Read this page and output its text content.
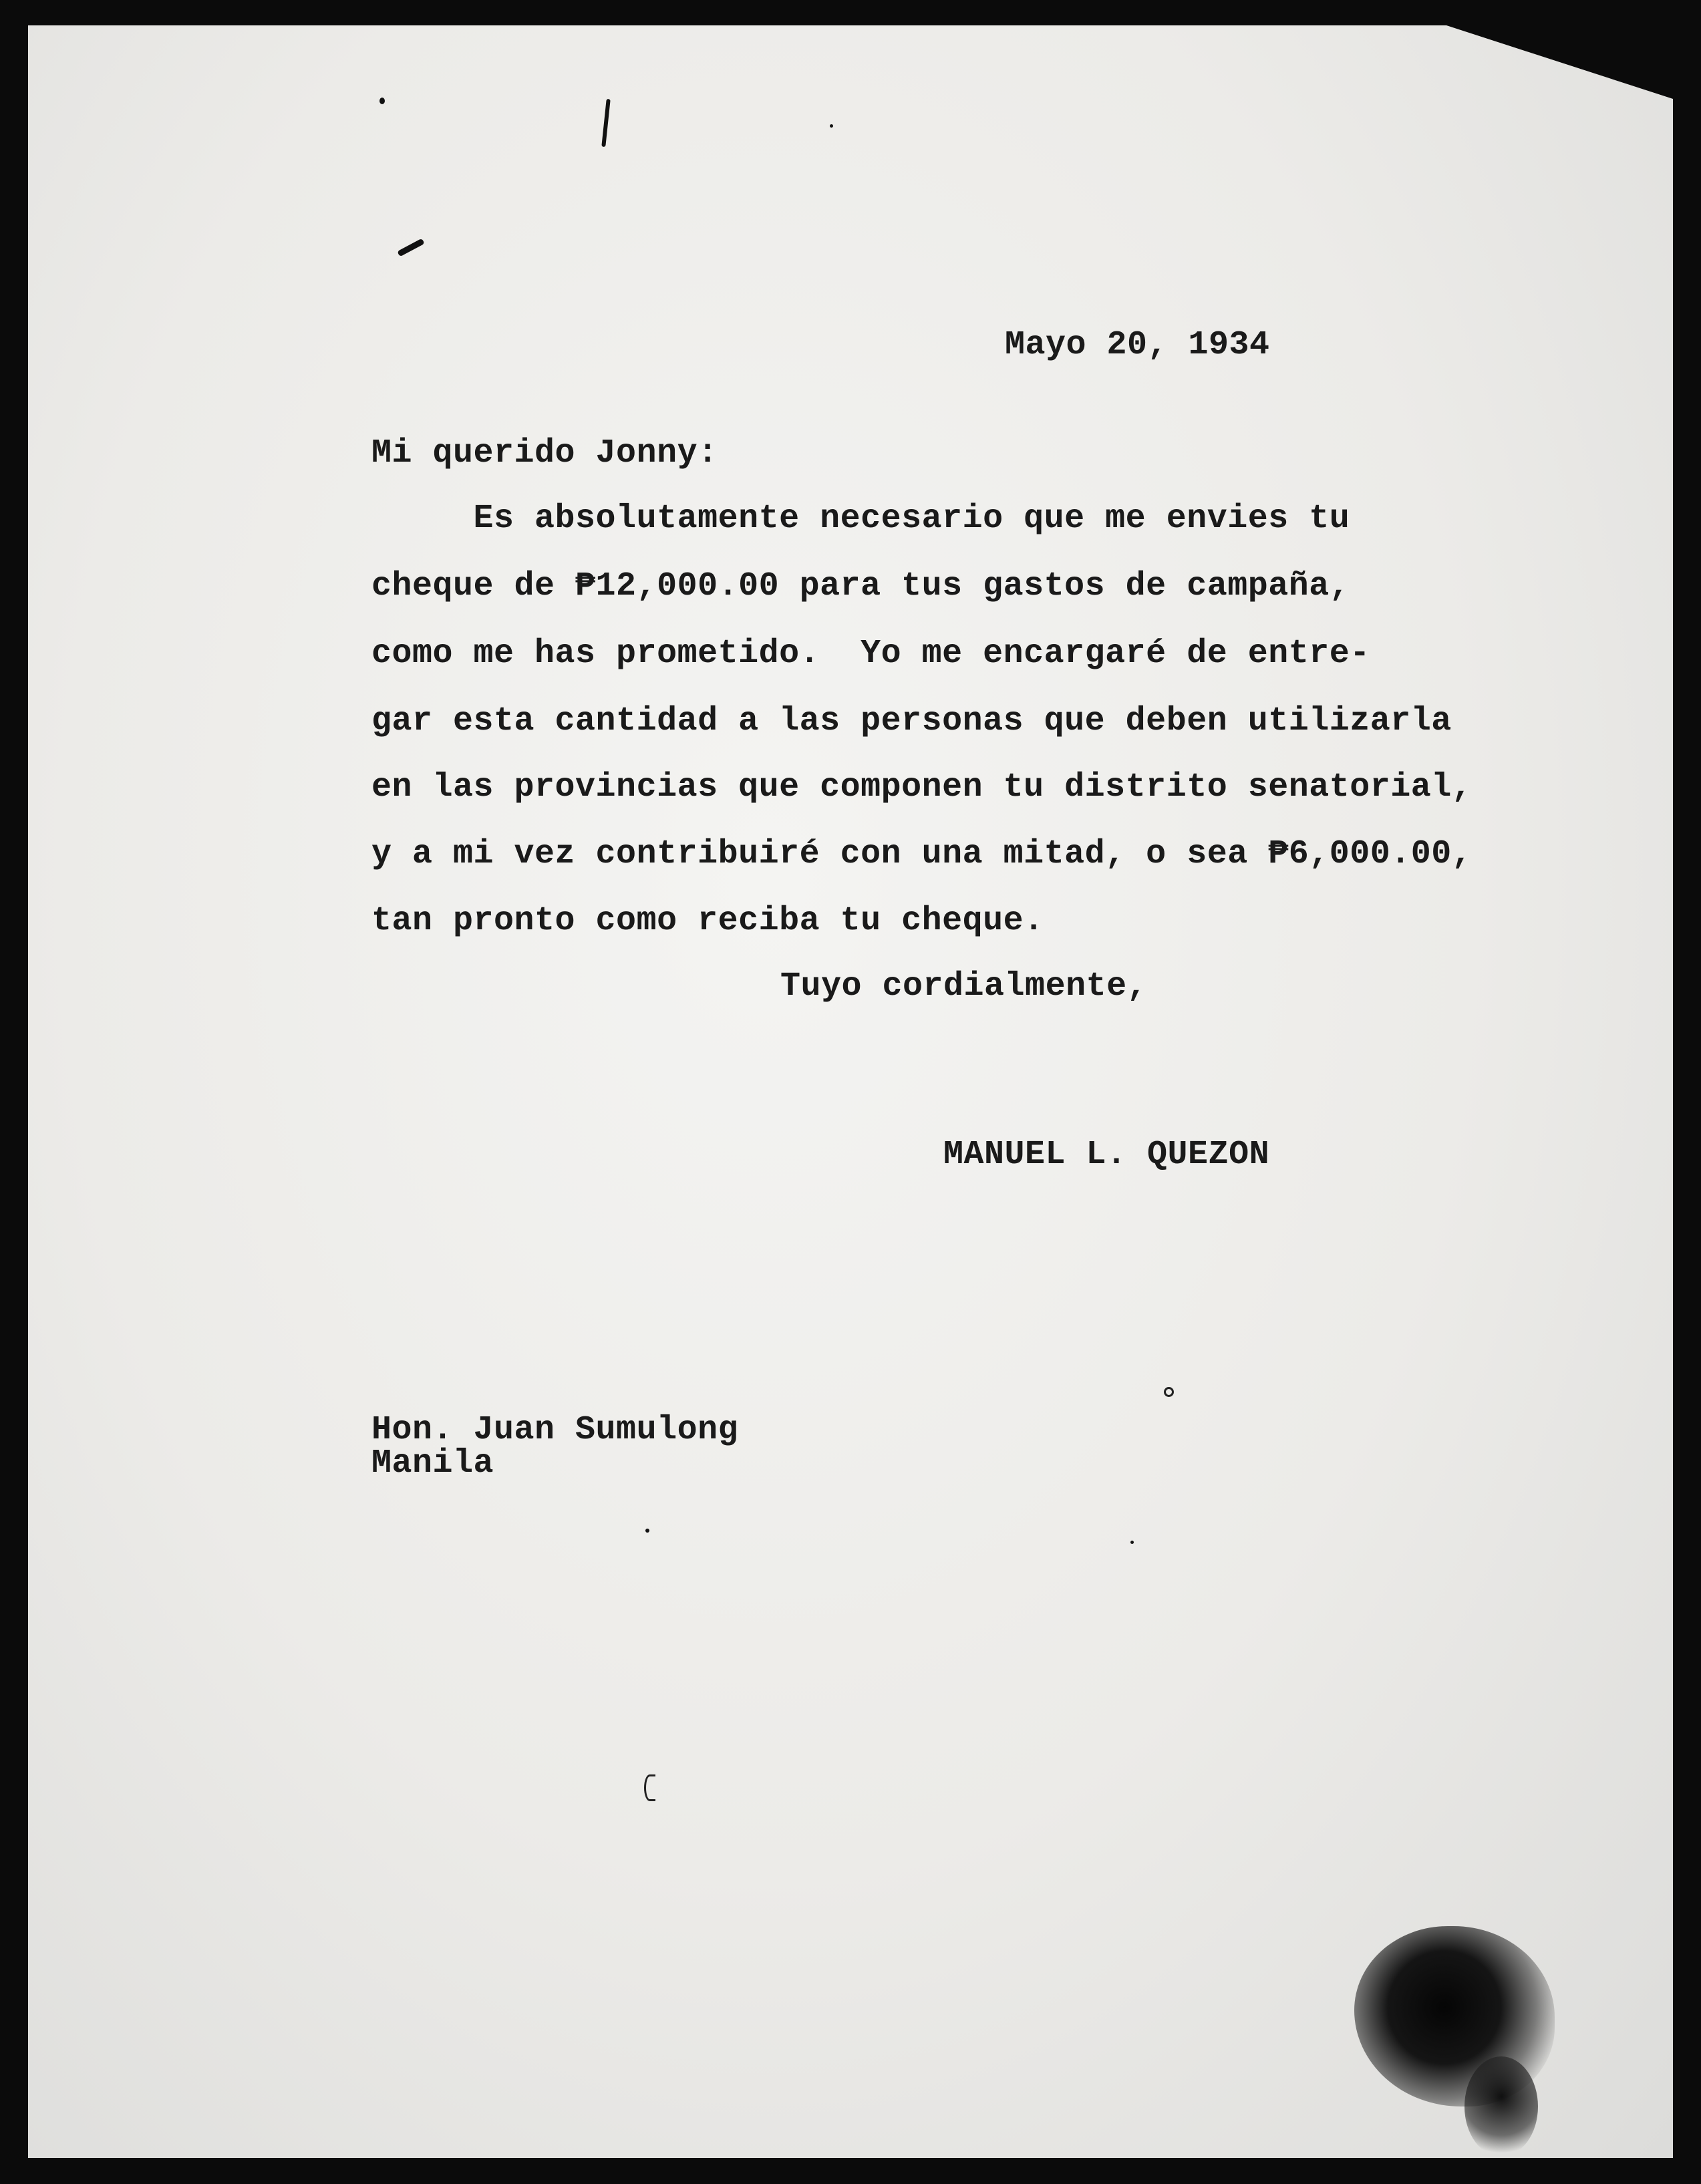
Mayo 20, 1934
Mi querido Jonny:
Es absolutamente necesario que me envies tu
cheque de ₱12,000.00 para tus gastos de campaña,
como me has prometido.  Yo me encargaré de entre-
gar esta cantidad a las personas que deben utilizarla
en las provincias que componen tu distrito senatorial,
y a mi vez contribuiré con una mitad, o sea ₱6,000.00,
tan pronto como reciba tu cheque.
Tuyo cordialmente,
MANUEL L. QUEZON
Hon. Juan Sumulong
Manila
